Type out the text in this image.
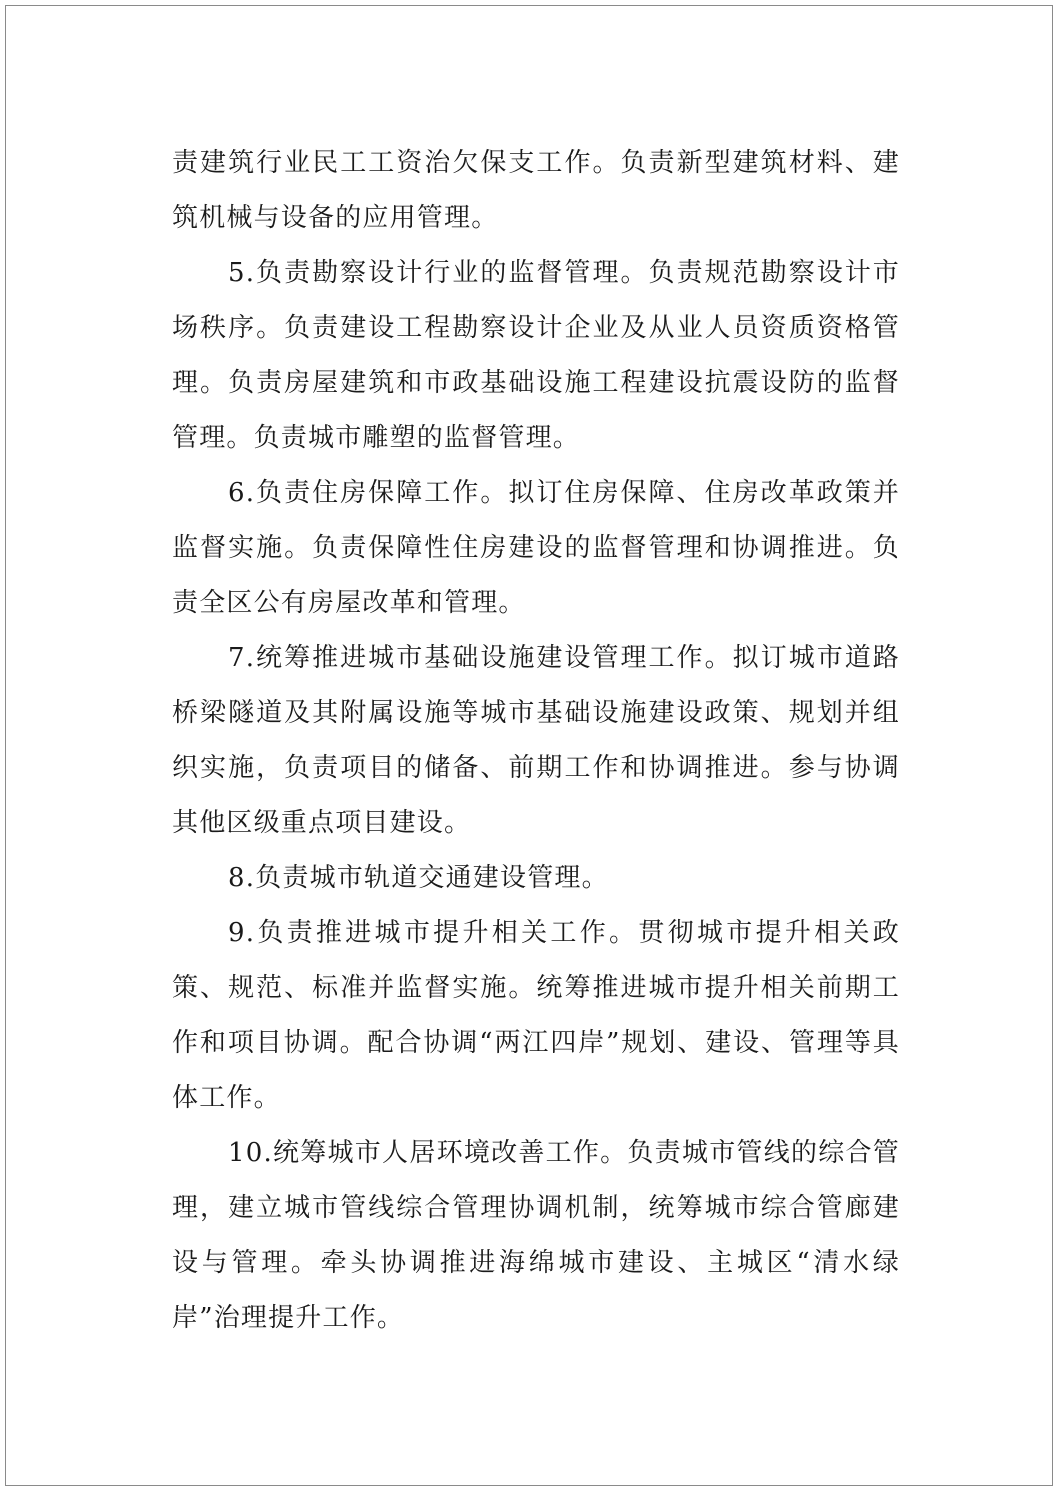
责建筑行业民工工资治欠保支工作。负责新型建筑材料、建筑机械与设备的应用管理。

5.负责勘察设计行业的监督管理。负责规范勘察设计市场秩序。负责建设工程勘察设计企业及从业人员资质资格管理。负责房屋建筑和市政基础设施工程建设抗震设防的监督管理。负责城市雕塑的监督管理。

6.负责住房保障工作。拟订住房保障、住房改革政策并监督实施。负责保障性住房建设的监督管理和协调推进。负责全区公有房屋改革和管理。

7.统筹推进城市基础设施建设管理工作。拟订城市道路桥梁隧道及其附属设施等城市基础设施建设政策、规划并组织实施，负责项目的储备、前期工作和协调推进。参与协调其他区级重点项目建设。

8.负责城市轨道交通建设管理。

9.负责推进城市提升相关工作。贯彻城市提升相关政策、规范、标准并监督实施。统筹推进城市提升相关前期工作和项目协调。配合协调“两江四岸”规划、建设、管理等具体工作。

10.统筹城市人居环境改善工作。负责城市管线的综合管理，建立城市管线综合管理协调机制，统筹城市综合管廊建设与管理。牵头协调推进海绵城市建设、主城区“清水绿岸”治理提升工作。
